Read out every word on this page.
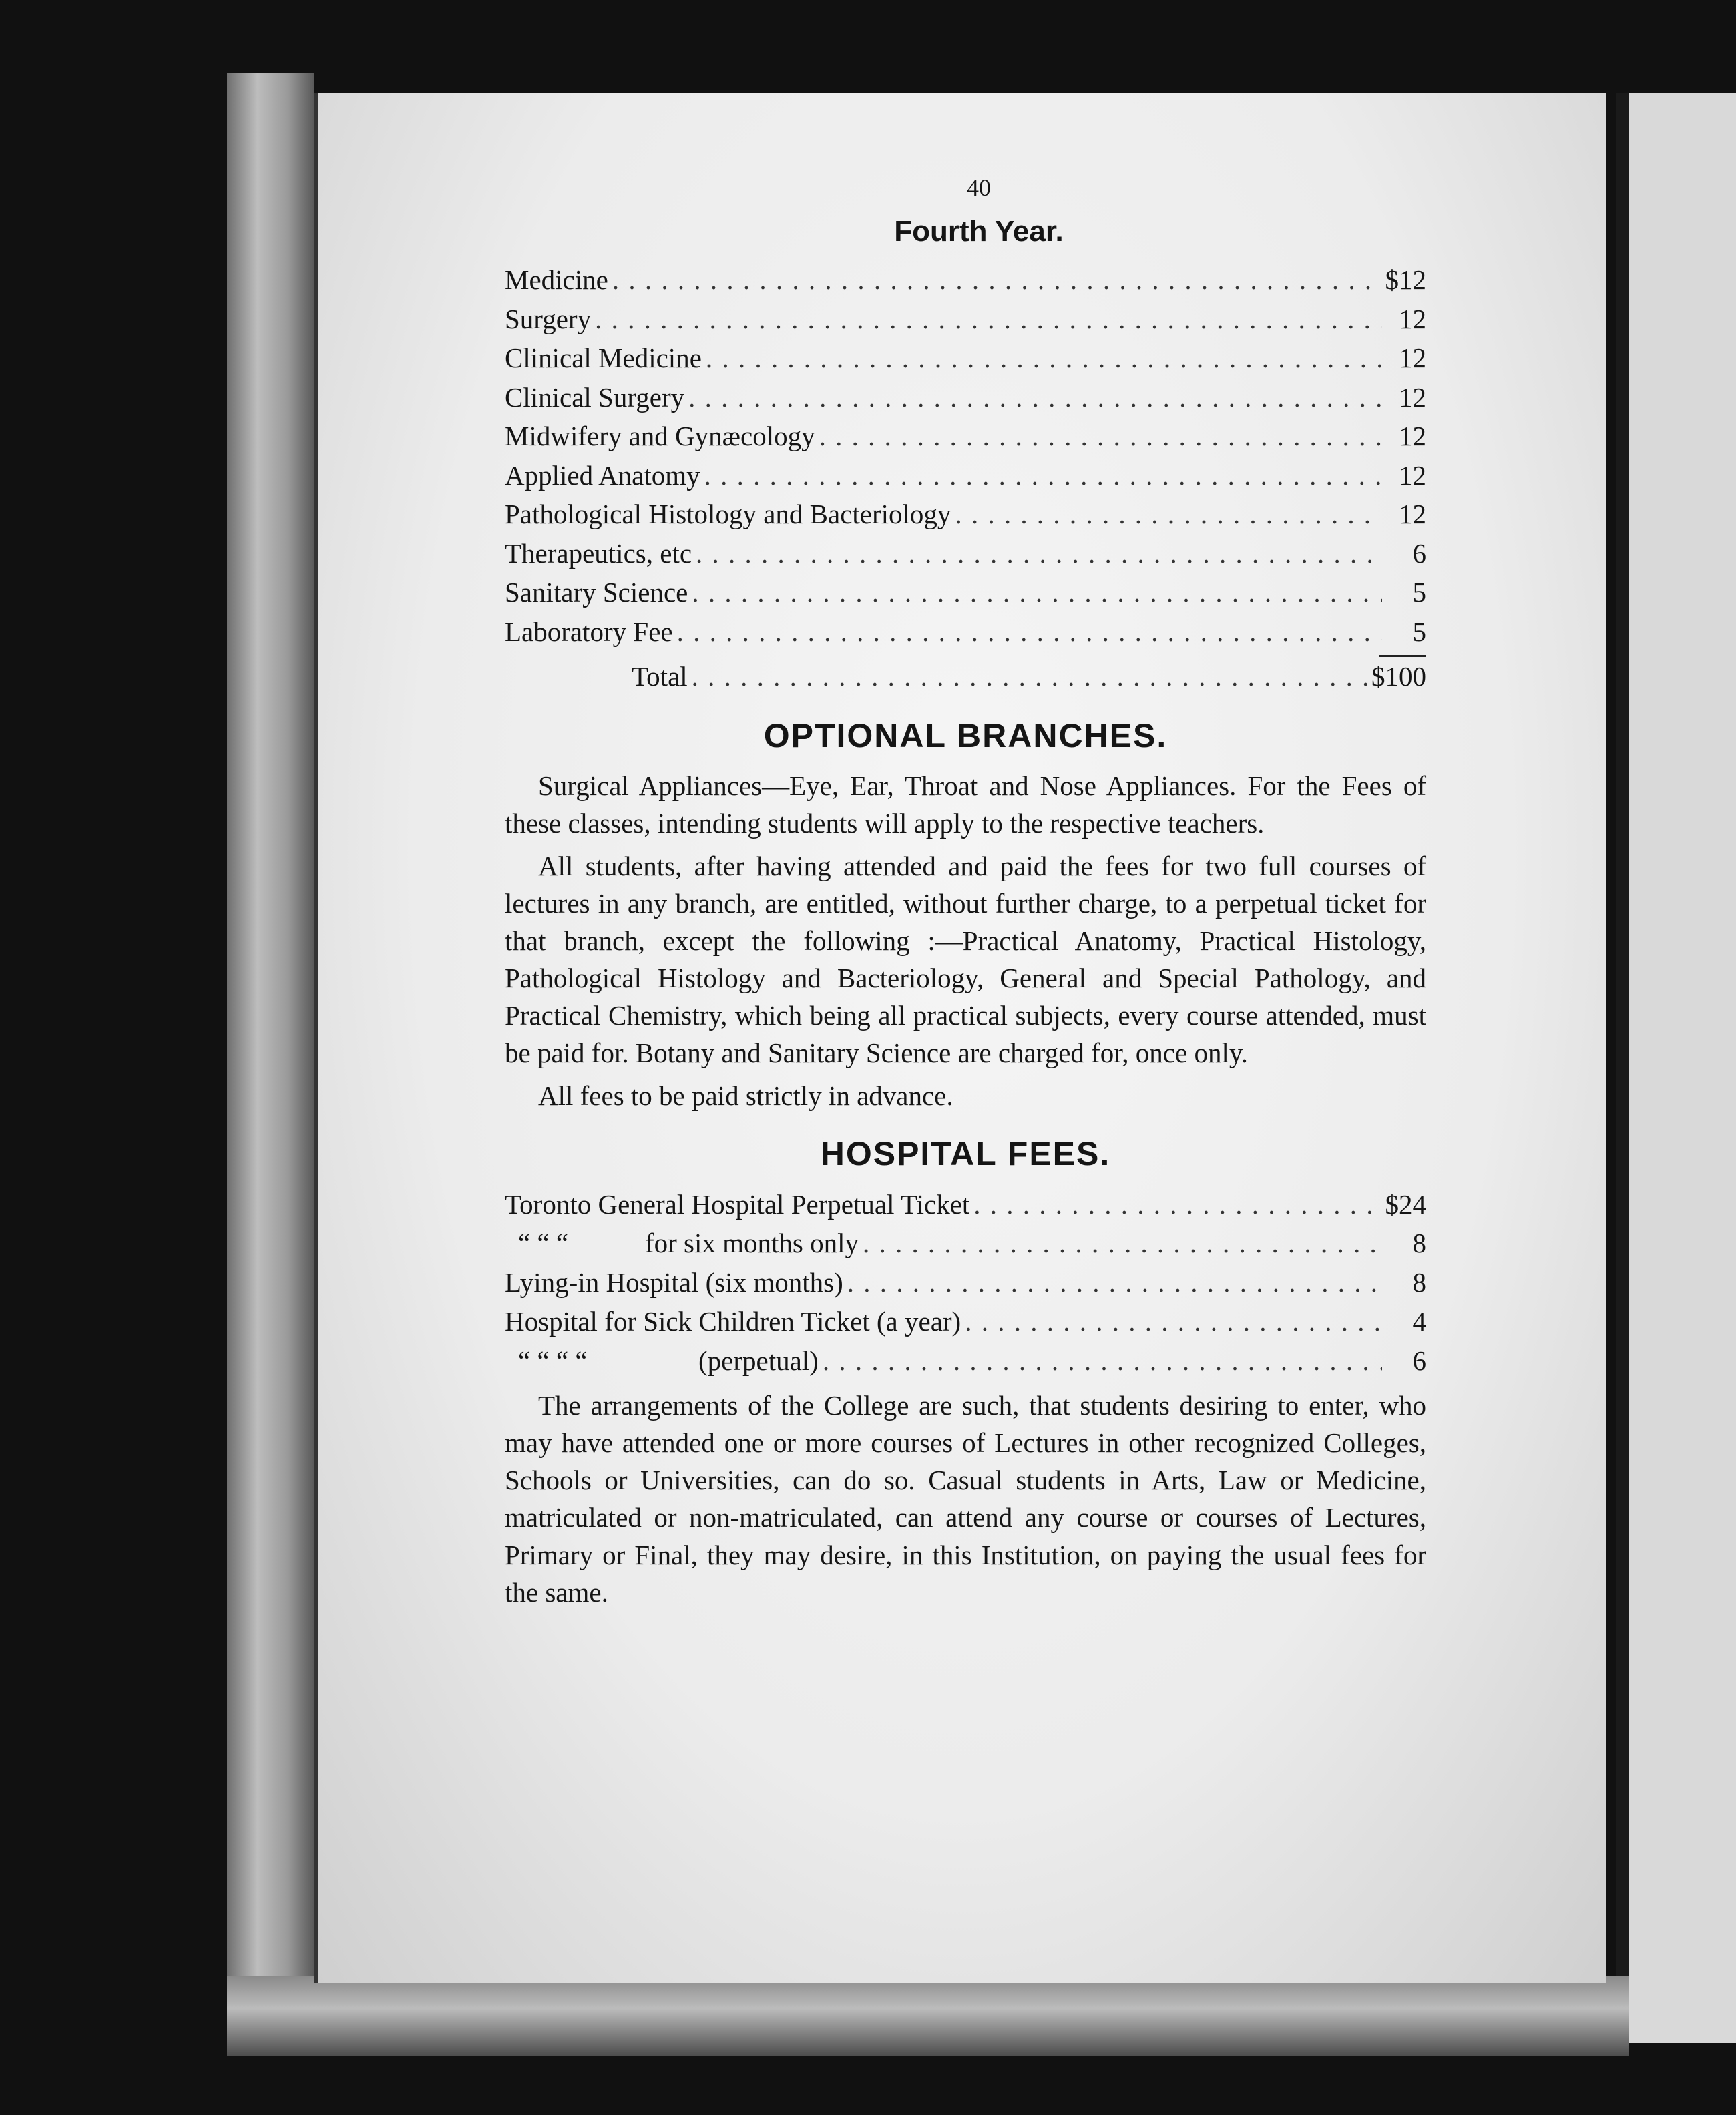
40
Fourth Year.
Medicine . . .	$12
Surgery . . .	12
Clinical Medicine . . .	12
Clinical Surgery . . .	12
Midwifery and Gynæcology . . .	12
Applied Anatomy . . .	12
Pathological Histology and Bacteriology . . .	12
Therapeutics, etc . . .	6
Sanitary Science . . .	5
Laboratory Fee . . .	5
Total . . .	$100
OPTIONAL BRANCHES.

Surgical Appliances—Eye, Ear, Throat and Nose Appliances. For the Fees of these classes, intending students will apply to the respective teachers.

All students, after having attended and paid the fees for two full courses of lectures in any branch, are entitled, without further charge, to a perpetual ticket for that branch, except the following :—Practical Anatomy, Practical Histology, Pathological Histology and Bacteriology, General and Special Pathology, and Practical Chemistry, which being all practical subjects, every course attended, must be paid for. Botany and Sanitary Science are charged for, once only.

All fees to be paid strictly in advance.

HOSPITAL FEES.
Toronto General Hospital Perpetual Ticket . . .	$24
“ “ “	for six months only . . .	8
Lying-in Hospital (six months) . . .	8
Hospital for Sick Children Ticket (a year) . . .	4
“ “ “ “	(perpetual) . . .	6

The arrangements of the College are such, that students desiring to enter, who may have attended one or more courses of Lectures in other recognized Colleges, Schools or Universities, can do so. Casual students in Arts, Law or Medicine, matriculated or non-matriculated, can attend any course or courses of Lectures, Primary or Final, they may desire, in this Institution, on paying the usual fees for the same.
